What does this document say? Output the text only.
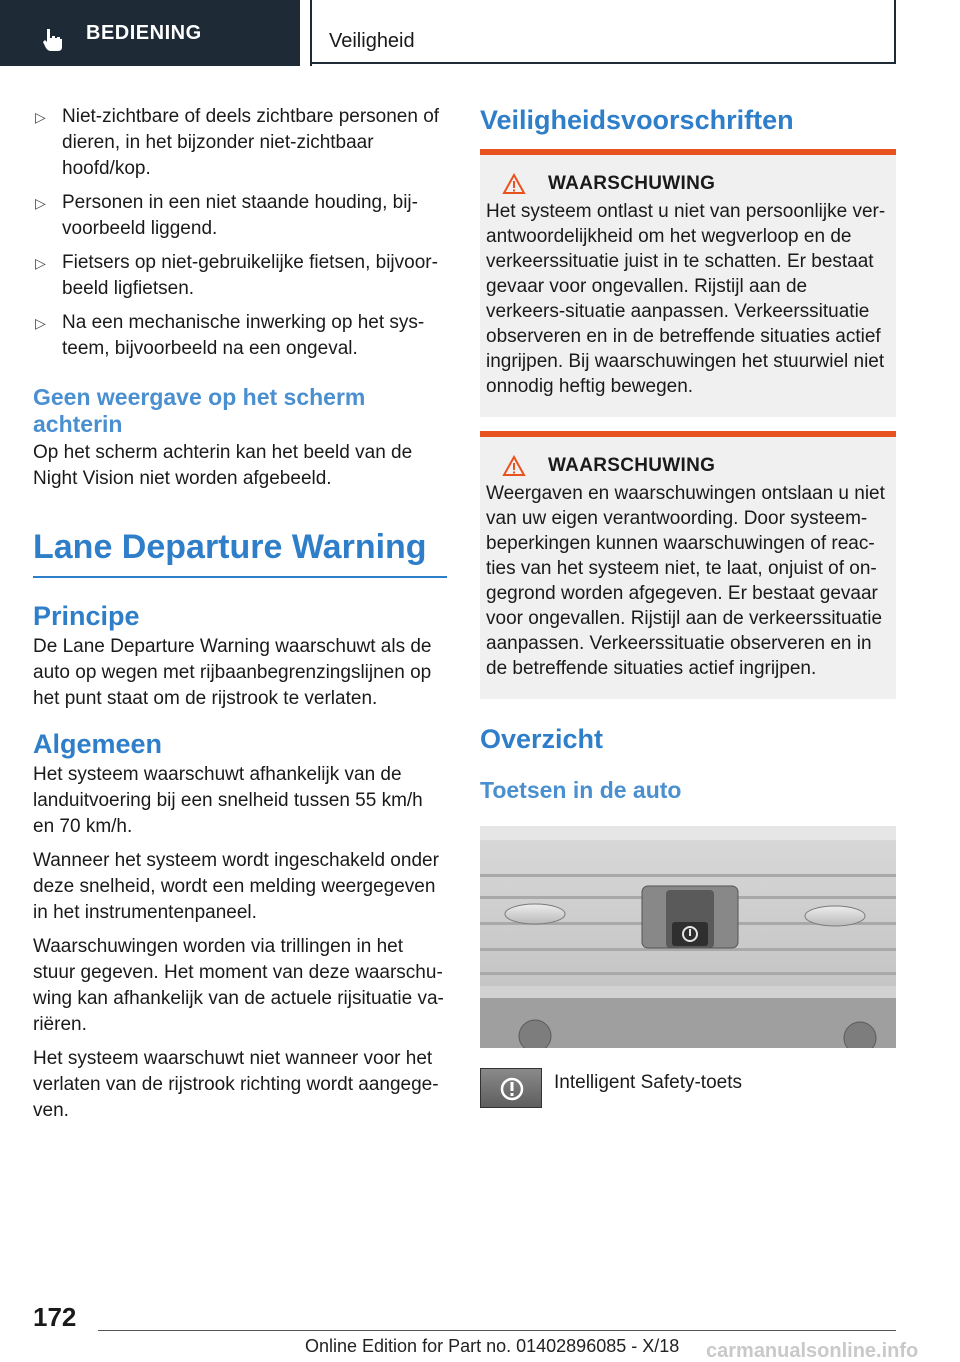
BEDIENING	Veiligheid
▷ Niet-zichtbare of deels zichtbare personen of dieren, in het bijzonder niet-zichtbaar hoofd/kop.
▷ Personen in een niet staande houding, bij-voorbeeld liggend.
▷ Fietsers op niet-gebruikelijke fietsen, bijvoor-beeld ligfietsen.
▷ Na een mechanische inwerking op het sys-teem, bijvoorbeeld na een ongeval.
Geen weergave op het scherm achterin
Op het scherm achterin kan het beeld van de Night Vision niet worden afgebeeld.
Lane Departure Warning
Principe
De Lane Departure Warning waarschuwt als de auto op wegen met rijbaanbegrenzingslijnen op het punt staat om de rijstrook te verlaten.
Algemeen
Het systeem waarschuwt afhankelijk van de landuitvoering bij een snelheid tussen 55 km/h en 70 km/h.
Wanneer het systeem wordt ingeschakeld onder deze snelheid, wordt een melding weergegeven in het instrumentenpaneel.
Waarschuwingen worden via trillingen in het stuur gegeven. Het moment van deze waarschu-wing kan afhankelijk van de actuele rijsituatie va-riëren.
Het systeem waarschuwt niet wanneer voor het verlaten van de rijstrook richting wordt aangege-ven.
Veiligheidsvoorschriften
WAARSCHUWING
Het systeem ontlast u niet van persoonlijke ver-antwoordelijkheid om het wegverloop en de verkeerssituatie juist in te schatten. Er bestaat gevaar voor ongevallen. Rijstijl aan de verkeers-situatie aanpassen. Verkeerssituatie observeren en in de betreffende situaties actief ingrijpen. Bij waarschuwingen het stuurwiel niet onnodig heftig bewegen.
WAARSCHUWING
Weergaven en waarschuwingen ontslaan u niet van uw eigen verantwoording. Door systeem-beperkingen kunnen waarschuwingen of reac-ties van het systeem niet, te laat, onjuist of on-gegrond worden afgegeven. Er bestaat gevaar voor ongevallen. Rijstijl aan de verkeerssituatie aanpassen. Verkeerssituatie observeren en in de betreffende situaties actief ingrijpen.
Overzicht
Toetsen in de auto
Intelligent Safety-toets
172
Online Edition for Part no. 01402896085 - X/18 carmanualsonline.info
